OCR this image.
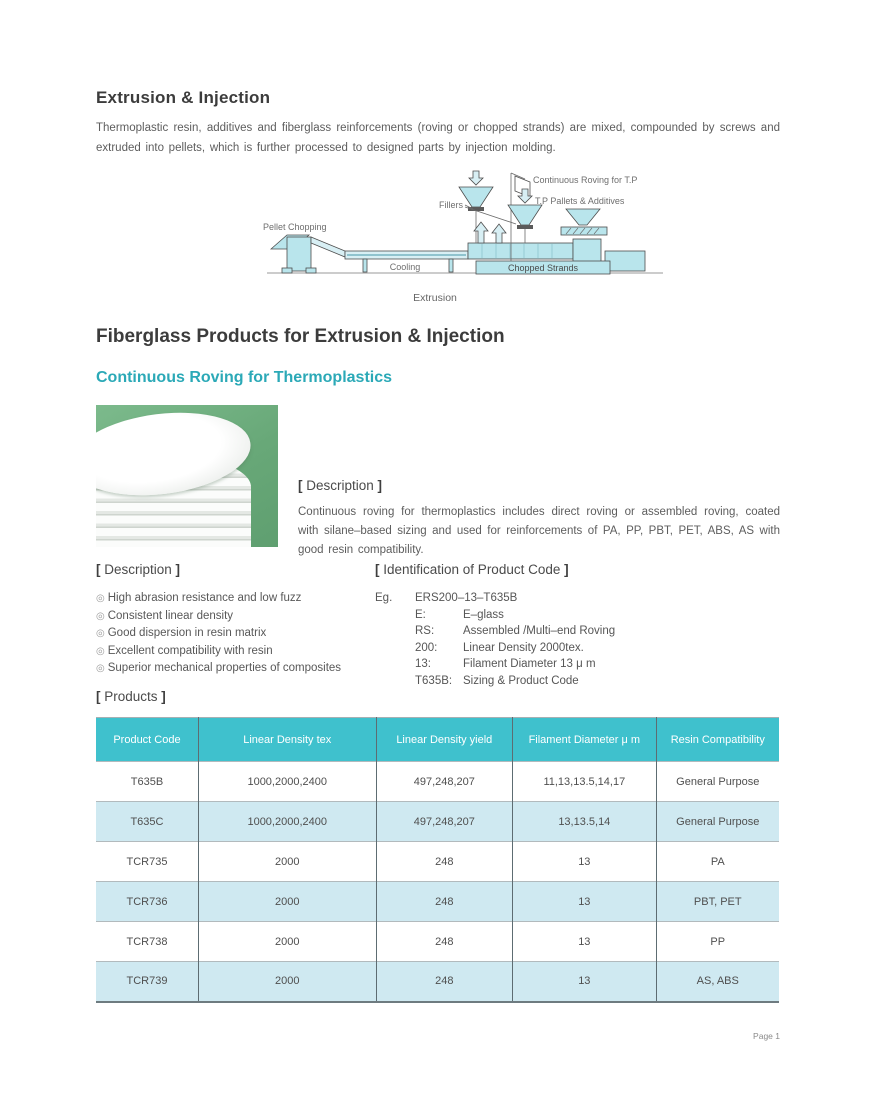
Extrusion & Injection

Thermoplastic resin, additives and fiberglass reinforcements (roving or chopped strands) are mixed, compounded by screws and extruded into pellets, which is further processed to designed parts by injection molding.

Continuous Roving for T.P
T.P Pallets & Additives
Fillers
Pellet Chopping
Cooling	Chopped Strands
Extrusion
Fiberglass Products for Extrusion & Injection
Continuous Roving for Thermoplastics
[ Description ]

Continuous roving for thermoplastics includes direct roving or assembled roving, coated with silane–based sizing and used for reinforcements of PA, PP, PBT, PET, ABS, AS with good resin compatibility.

[ Description ]
◎ High abrasion resistance and low fuzz
◎ Consistent linear density
◎ Good dispersion in resin matrix
◎ Excellent compatibility with resin
◎ Superior mechanical properties of composites
[ Identification of Product Code ]
Eg. ERS200–13–T635B
E:	E–glass
RS:	Assembled /Multi–end Roving
200: Linear Density 2000tex.
13:	Filament Diameter 13 μ m
T635B: Sizing & Product Code
[ Products ]
Product Code	Linear Density tex	Linear Density yield	Filament Diameter μ m	Resin Compatibility
T635B	1000,2000,2400	497,248,207	11,13,13.5,14,17	General Purpose
T635C	1000,2000,2400	497,248,207	13,13.5,14	General Purpose
TCR735	2000	248	13	PA
TCR736	2000	248	13	PBT, PET
TCR738	2000	248	13	PP
TCR739	2000	248	13	AS, ABS
Page 1
